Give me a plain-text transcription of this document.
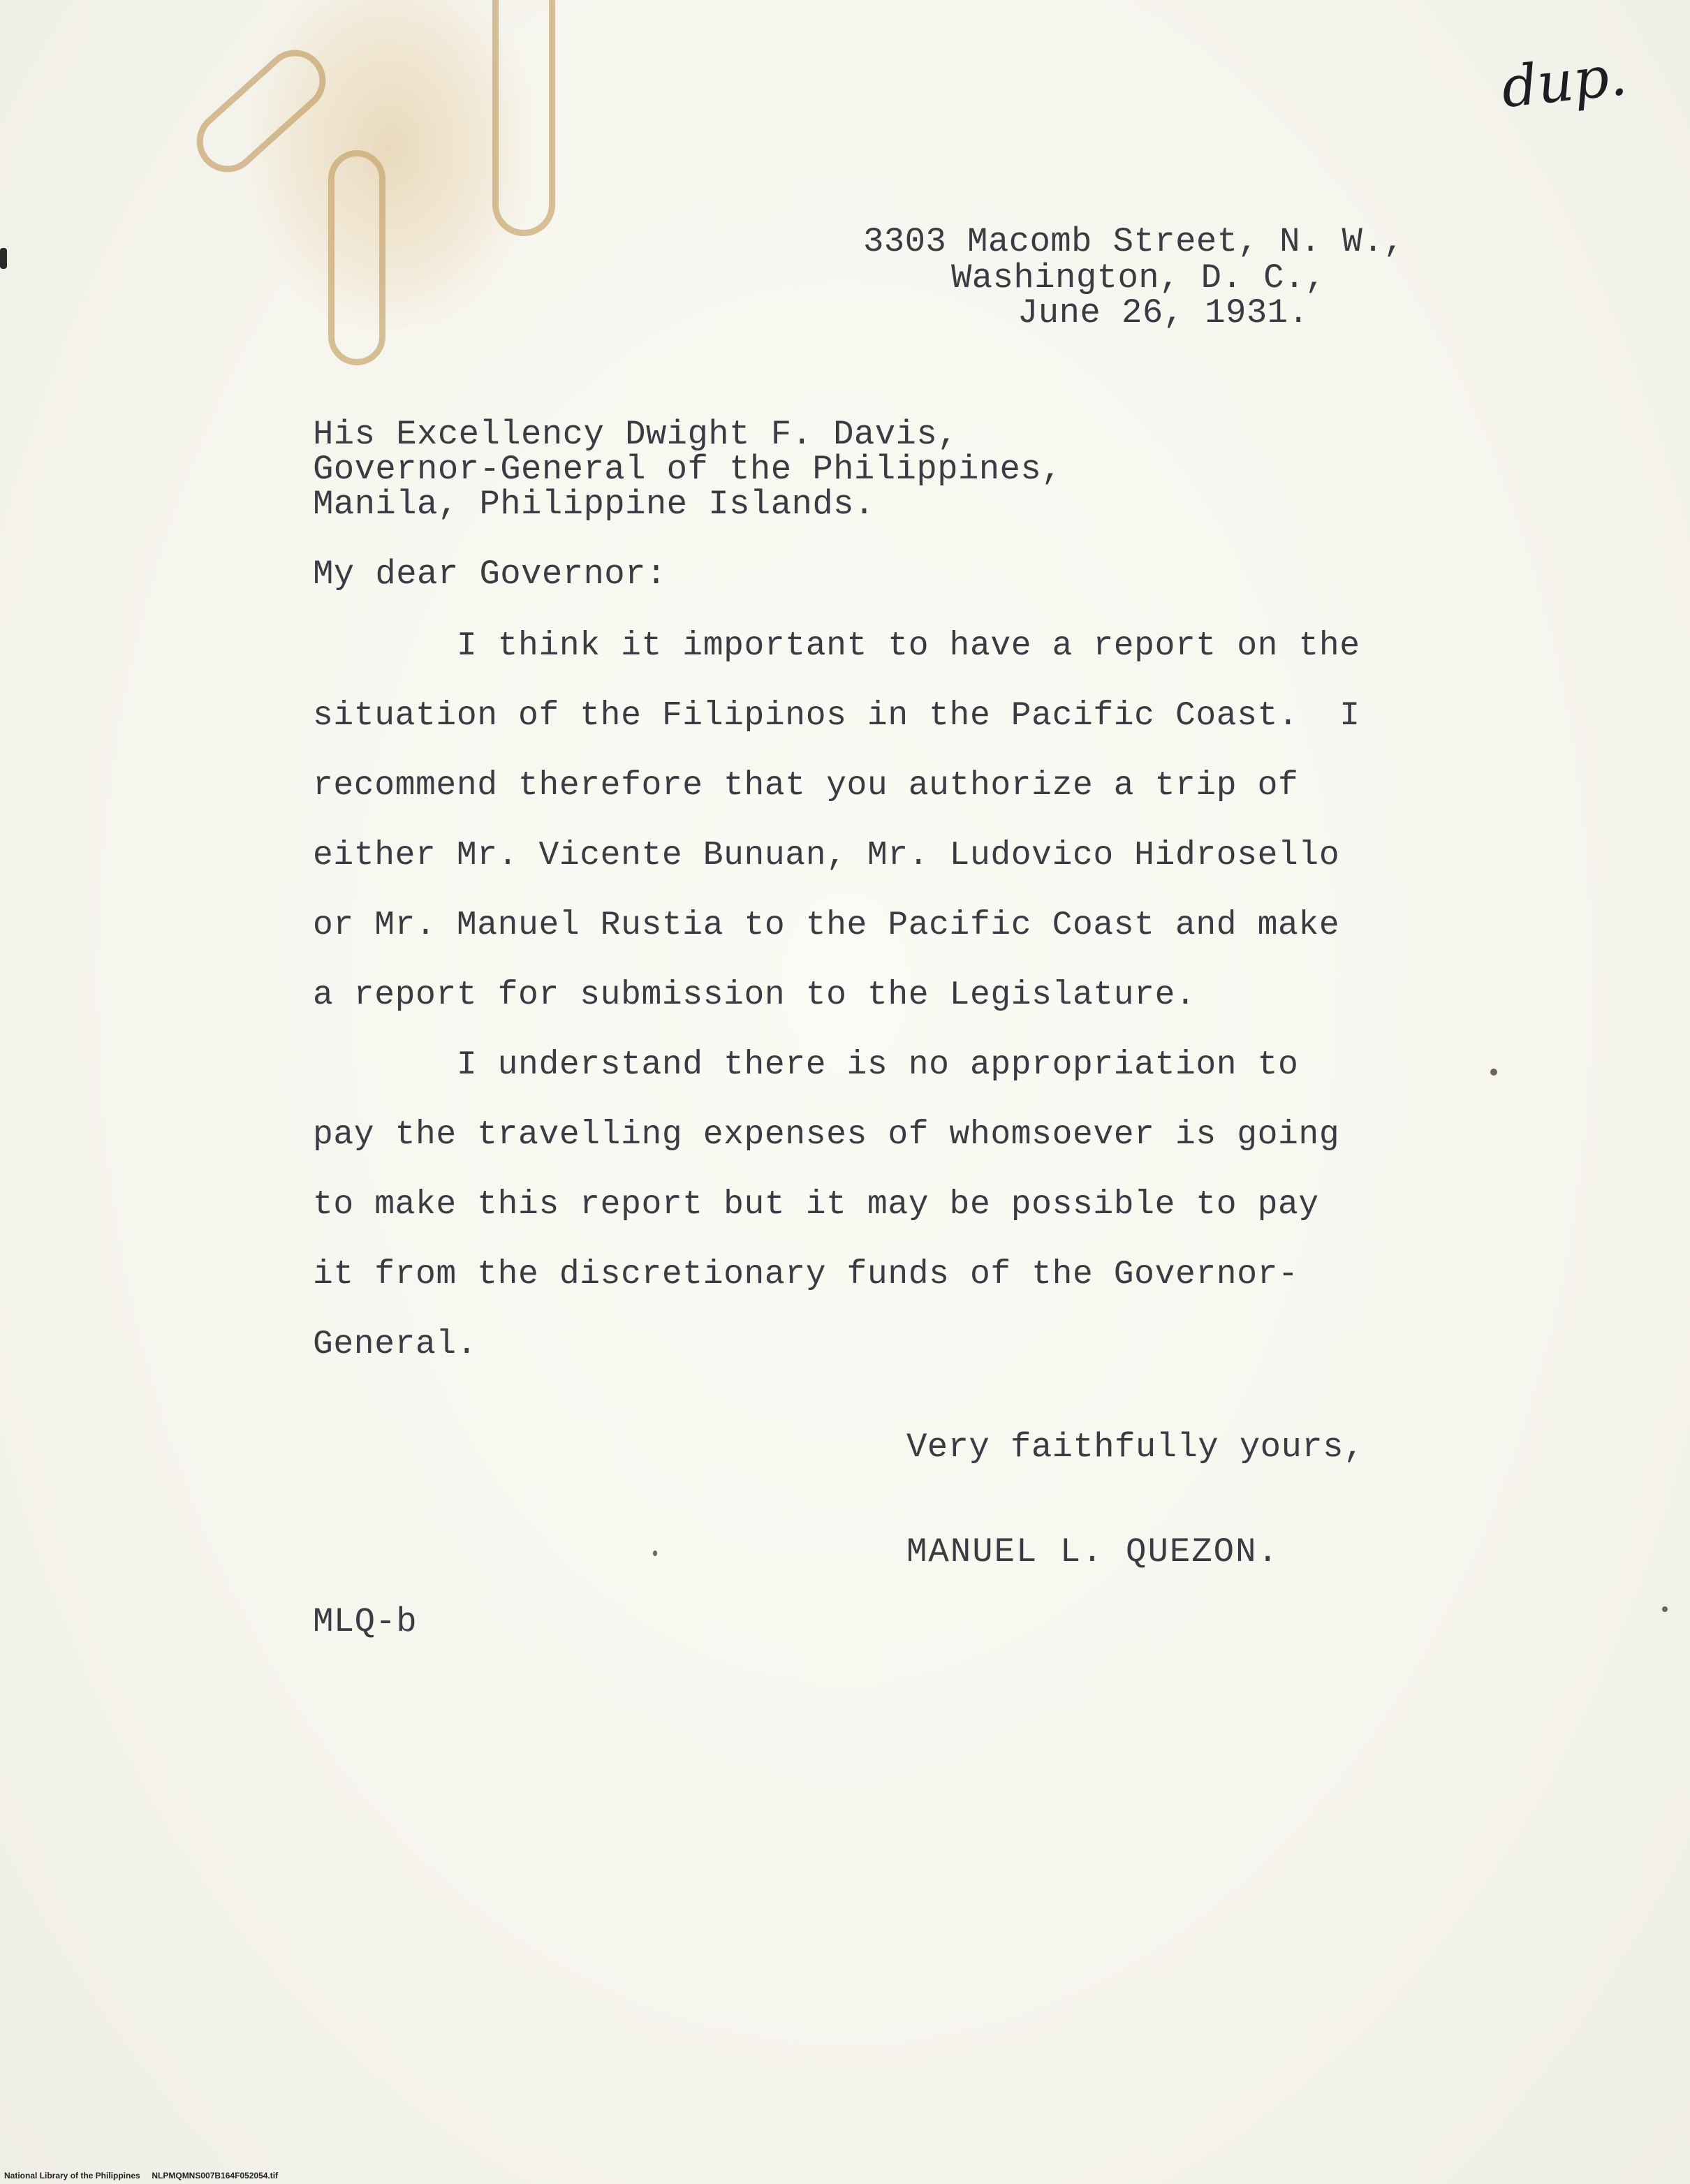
dup.
3303 Macomb Street, N. W.,
Washington, D. C.,
June 26, 1931.
His Excellency Dwight F. Davis,
Governor-General of the Philippines,
Manila, Philippine Islands.
My dear Governor:
I think it important to have a report on the
situation of the Filipinos in the Pacific Coast.  I
recommend therefore that you authorize a trip of
either Mr. Vicente Bunuan, Mr. Ludovico Hidrosello
or Mr. Manuel Rustia to the Pacific Coast and make
a report for submission to the Legislature.
I understand there is no appropriation to
pay the travelling expenses of whomsoever is going
to make this report but it may be possible to pay
it from the discretionary funds of the Governor-
General.
Very faithfully yours,
MANUEL L. QUEZON.
MLQ-b
National Library of the Philippines     NLPMQMNS007B164F052054.tif
